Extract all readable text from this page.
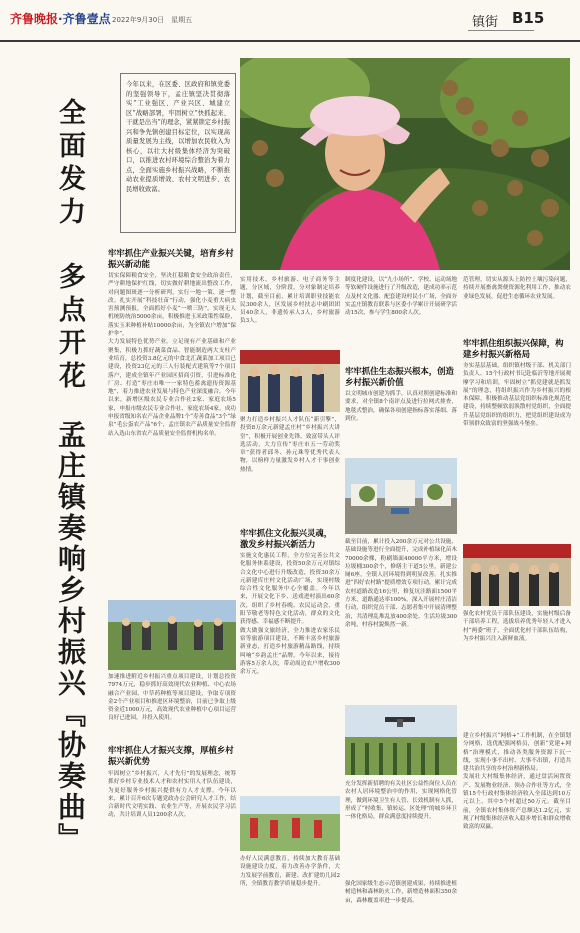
齐鲁晚报·齐鲁壹点 2022年9月30日　星期五	镇街 B15
全面发力
多点开花
孟庄镇奏响乡村振兴『协奏曲』
今年以来，在区委、区政府和镇党委的坚强领导下，孟庄镇坚决贯彻落实“工业强区、产业兴区、城建立区”战略部署，牢固树立“快抓起来、干就是出当”的理念，紧紧锁定乡村振兴和争先镇创建目标定位，以实现高质量发展为主线，以增加农民收入为核心，以壮大村级集体经济为突破口，以推进农村环境综合整治为着力点，全面实施乡村振兴战略，不断推动农业提质增效、农村文明进步、农民增收致富。
牢牢抓住产业振兴关键，培育乡村振兴新动能

切实保障粮食安全，坚决扛稳粮食安全政治责任，严守耕地保护红线，切实做好耕地流出整改工作，对问题图斑逐一分析研判，实行一地一策、逐一整改。扎实开展“科技壮苗”行动，强化小麦重大病虫害预测预报，全面抓好小麦“一喷三防”。实现无人机统防统治5000余亩，积极推进玉米政策性保险，落实玉米种植补贴10000余亩，为全镇农户增加“保护伞”。

大力发展特色优势产业。立足现有产业基础和产业聚集，积极力抓好蔬菜食品、智能制造两大支柱产业培育，总投资3.8亿元的中食北汇蔬菜加工项目已建设，投资23亿元的三人行装配式建筑等7个项目落户，建成全镇年产业园区招商引资，引进标准化厂房、打造“枣庄市唯一一家特色蓄禽遗传资源基地”，着力推进农业发展与特色产业深度融合。今年以来，新增区级农民专业合作社2家、家庭农场5家，申报市级农民专业合作社、家庭农场4家，成功申报省级知名农产品企业品牌1个“寿善食品”3个“绿泉”毛公蛋农产品”6个，孟庄镇农产品质量安全监督站入选山东省农产品质量安全监督机构名单。

加速推进附近乡村振兴重点项目建设，计划总投资7974万元，稳步抓好高效现代农业种植、中心农场融合产业园、中草药种植等项目建设，争取专项资金2个产业项目和推进区环境整治，目前已争取上级资金近1000万元，高效现代农业种植中心项目运营良好已进园，并投入使用。
牢牢抓住人才振兴支撑，厚植乡村振兴新优势
牢固树立“乡村振兴，人才先行”的发展理念，统筹抓好乡村专业技术人才和农村实用人才队伍建设，为更好服务乡村振兴提供有力人才支撑。今年以来，累计召开6次专题党政办公会研究人才工作，结合新时代文明实践、农业生产等，开展农民学习活动，共计培训人员1200余人次。
实用技术，乡村旅游、电子商务等主题，分区域，分阶段，分对象制定培养计划，截至目前，累计培训职业技能农民300余人，区发展乡村扶志中刷团团员40余人，非遗传承人3人，乡村旅游负3人。
聚力打造乡村振兴人才队伍“新引擎”，投资8万余元新建孟庄村“乡村振兴大讲堂”，积极开展创业先锋、致富带头人评选活动，大力宣传“枣庄市五一劳动奖章”获得者邱冬、孙元珠等优秀代表人物，以榜样力量激发乡村人才干事创业热情。
牢牢抓住文化振兴灵魂，激发乡村振兴新活力

实施文化惠民工程，全方位完善公共文化服务体系建设，投资50余万元对镇综合文化中心进行升级改造，投资30余万元新建库庄村文化活动广场，实现村级综合性文化服务中心全覆盖。今年以来，开展文化下乡、送戏进村演出60余次，组织了乡村春晚、农民运动会、重阳节敬老等特色文化活动，群众的文化获得感、幸福感不断提升。

做大做强文旅经济，全力推进农家乐民宿等旅游项目建设，不断丰富乡村旅游新业态，打造乡村旅游精品路线，持续叫响“乡韵孟庄”品牌。今年以来，接待游客5万余人次，带动周边农户增收300余万元。

办好人民满意教育，持续加大教育基础设施建设力度，着力改善办学条件，大力发展学前教育，新建、改扩建幼儿园2所，全镇教育教学质量稳步提升。
制度化建设，以“九小场所”、学校、运动场地等软硬件设施进行了升级改造，建成功率示范点及村文化器、配套建设村民小广场，全面夯实孟庄镇教育联系与区委小学累计开展研学活动15次、参与学生800余人次。
牢牢抓住生态振兴根本，创造乡村振兴新价值
以文明城市创建为抓手，认真对照创建标准和要求，对全镇8个南评点及进行拉网式排查，地毯式整治，确保各项创建指标落实落细、落到位。
截至目前，累计投入200余万元对公共设施、基础设施等进行全面提升，完成补植绿化苗木70000余棵，粉刷墙面40000平方米，增设垃圾桶300余个，修缮主干道5公里，新建公厕6座，全镇人居环境得到明显改善。扎实推进“四好农村路”提质增效专项行动，累计完成农村道路改造16公里，修复坑洼路面1500平方米，道路通达率100%。深入开展村庄清洁行动，组织党员干部、志愿者集中开展清理整治，共清理乱堆乱放400余处、生活垃圾300余吨，村容村貌焕然一新。
充分发挥新招聘的有关社区公益性岗位人员在农村人居环境整治中的作用，实现网格化管理，做到环境卫生有人管、长效机制有人抓，形成了“村收集、镇转运、区处理”的城乡环卫一体化格局，群众满意度持续提升。
强化国家级生态示范镇创建成果，持续推进植树造林和森林防火工作，新增造林面积350余亩，森林覆盖率进一步提高。
范管理，切实从源头上防控土壤污染问题，持续开展畜禽粪便资源化利用工作，推动农业绿色发展，促进生态循环农业发展。
牢牢抓住组织振兴保障，构建乡村振兴新格局
夯实基层基础，组织镇村级干部、机关部门负责人、15个行政村书记赴临沂等地开展观摩学习和培训，牢固树立“抓党建就是抓发展”的理念，将组织振兴作为乡村振兴的根本保障，积极推动基层党组织标准化规范化建设，持续整顿软弱涣散村党组织，全面提升基层党组织的组织力，把党组织建设成为带领群众致富的坚强战斗堡垒。
强化农村党员干部队伍建设，实施村级后备干部培养工程，选拔培养优秀年轻人才进入村“两委”班子，全面优化村干部队伍结构，为乡村振兴注入新鲜血液。

建立乡村振兴“网格+”工作机制，在全镇划分网格，选优配强网格员，创新“党建+网格”治理模式，推动各类服务资源下沉一线，实现小事不出村、大事不出镇，打造共建共治共享的乡村治理新格局。

发展壮大村级集体经济，通过盘活闲置资产、发展物业经济、领办合作社等方式，全镇15个行政村集体经济收入全部达到10万元以上，其中5个村超过50万元。截至目前，全镇农村集体资产总额达1.2亿元，实现了村级集体经济收入稳步增长和群众增收致富的双赢。
